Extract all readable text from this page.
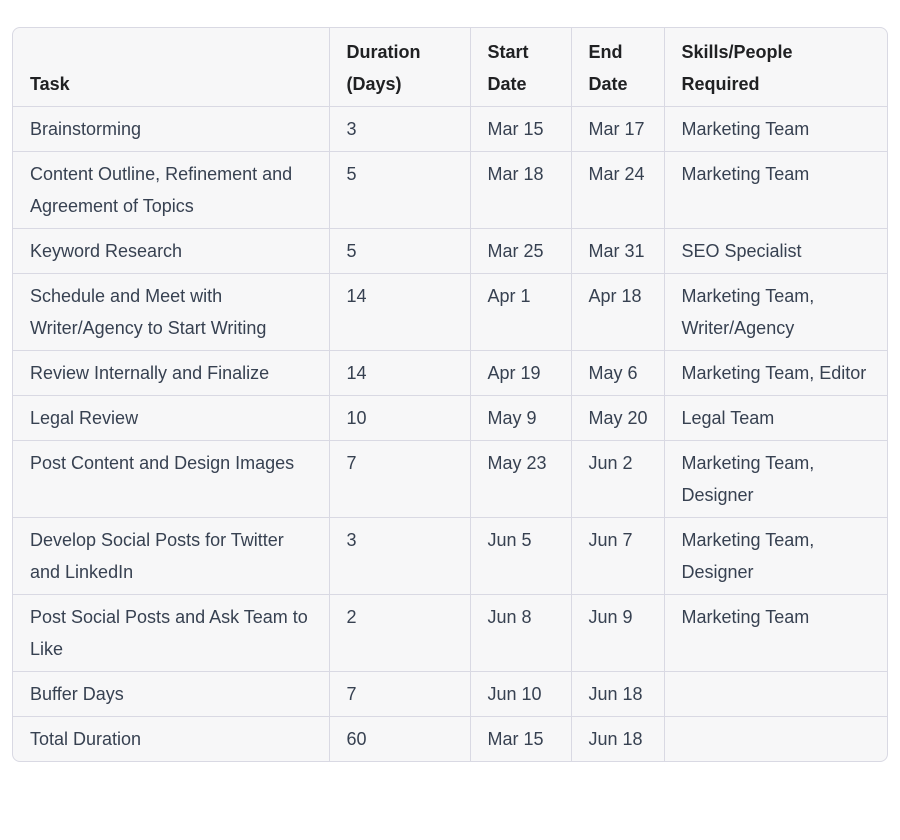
Task	Duration (Days)	Start Date	End Date	Skills/People Required
Brainstorming	3	Mar 15	Mar 17	Marketing Team
Content Outline, Refinement and Agreement of Topics	5	Mar 18	Mar 24	Marketing Team
Keyword Research	5	Mar 25	Mar 31	SEO Specialist
Schedule and Meet with Writer/Agency to Start Writing	14	Apr 1	Apr 18	Marketing Team, Writer/Agency
Review Internally and Finalize	14	Apr 19	May 6	Marketing Team, Editor
Legal Review	10	May 9	May 20	Legal Team
Post Content and Design Images	7	May 23	Jun 2	Marketing Team, Designer
Develop Social Posts for Twitter and LinkedIn	3	Jun 5	Jun 7	Marketing Team, Designer
Post Social Posts and Ask Team to Like	2	Jun 8	Jun 9	Marketing Team
Buffer Days	7	Jun 10	Jun 18	
Total Duration	60	Mar 15	Jun 18	
